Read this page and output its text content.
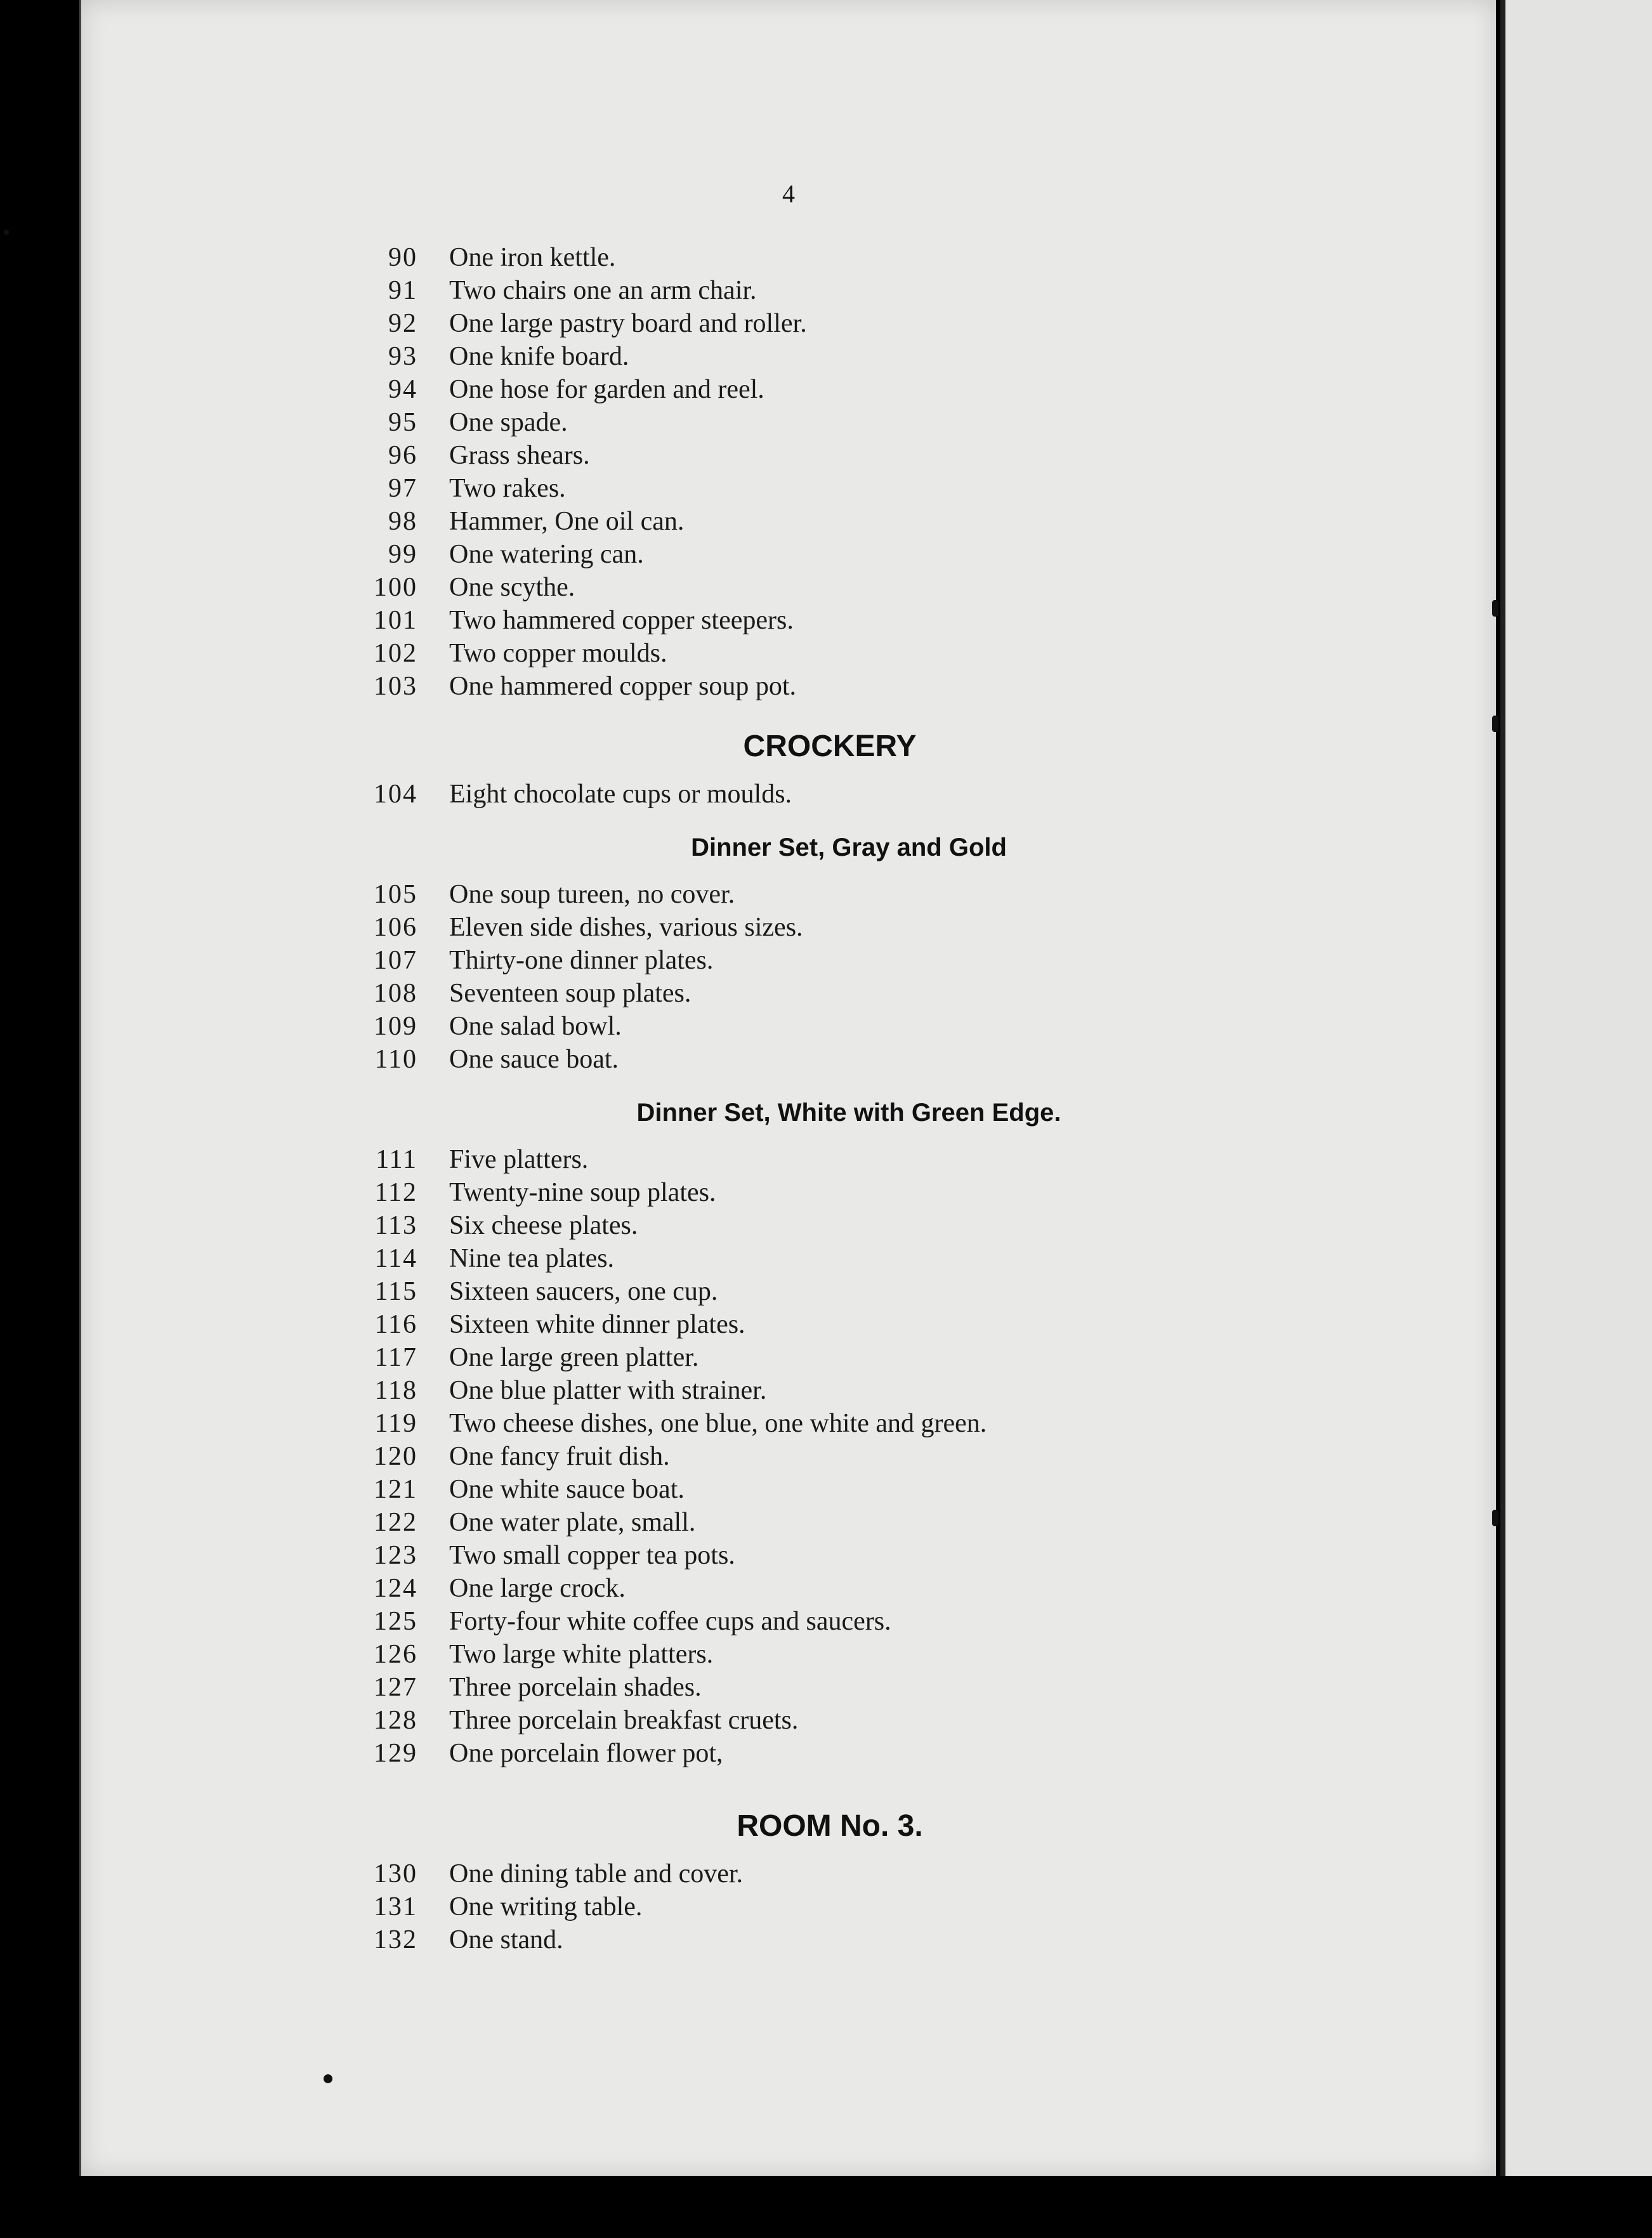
4
90	One iron kettle.
91	Two chairs one an arm chair.
92	One large pastry board and roller.
93	One knife board.
94	One hose for garden and reel.
95	One spade.
96	Grass shears.
97	Two rakes.
98	Hammer, One oil can.
99	One watering can.
100	One scythe.
101	Two hammered copper steepers.
102	Two copper moulds.
103	One hammered copper soup pot.
CROCKERY
104	Eight chocolate cups or moulds.
Dinner Set, Gray and Gold
105	One soup tureen, no cover.
106	Eleven side dishes, various sizes.
107	Thirty-one dinner plates.
108	Seventeen soup plates.
109	One salad bowl.
110	One sauce boat.
Dinner Set, White with Green Edge.
111	Five platters.
112	Twenty-nine soup plates.
113	Six cheese plates.
114	Nine tea plates.
115	Sixteen saucers, one cup.
116	Sixteen white dinner plates.
117	One large green platter.
118	One blue platter with strainer.
119	Two cheese dishes, one blue, one white and green.
120	One fancy fruit dish.
121	One white sauce boat.
122	One water plate, small.
123	Two small copper tea pots.
124	One large crock.
125	Forty-four white coffee cups and saucers.
126	Two large white platters.
127	Three porcelain shades.
128	Three porcelain breakfast cruets.
129	One porcelain flower pot,
ROOM No. 3.
130	One dining table and cover.
131	One writing table.
132	One stand.
